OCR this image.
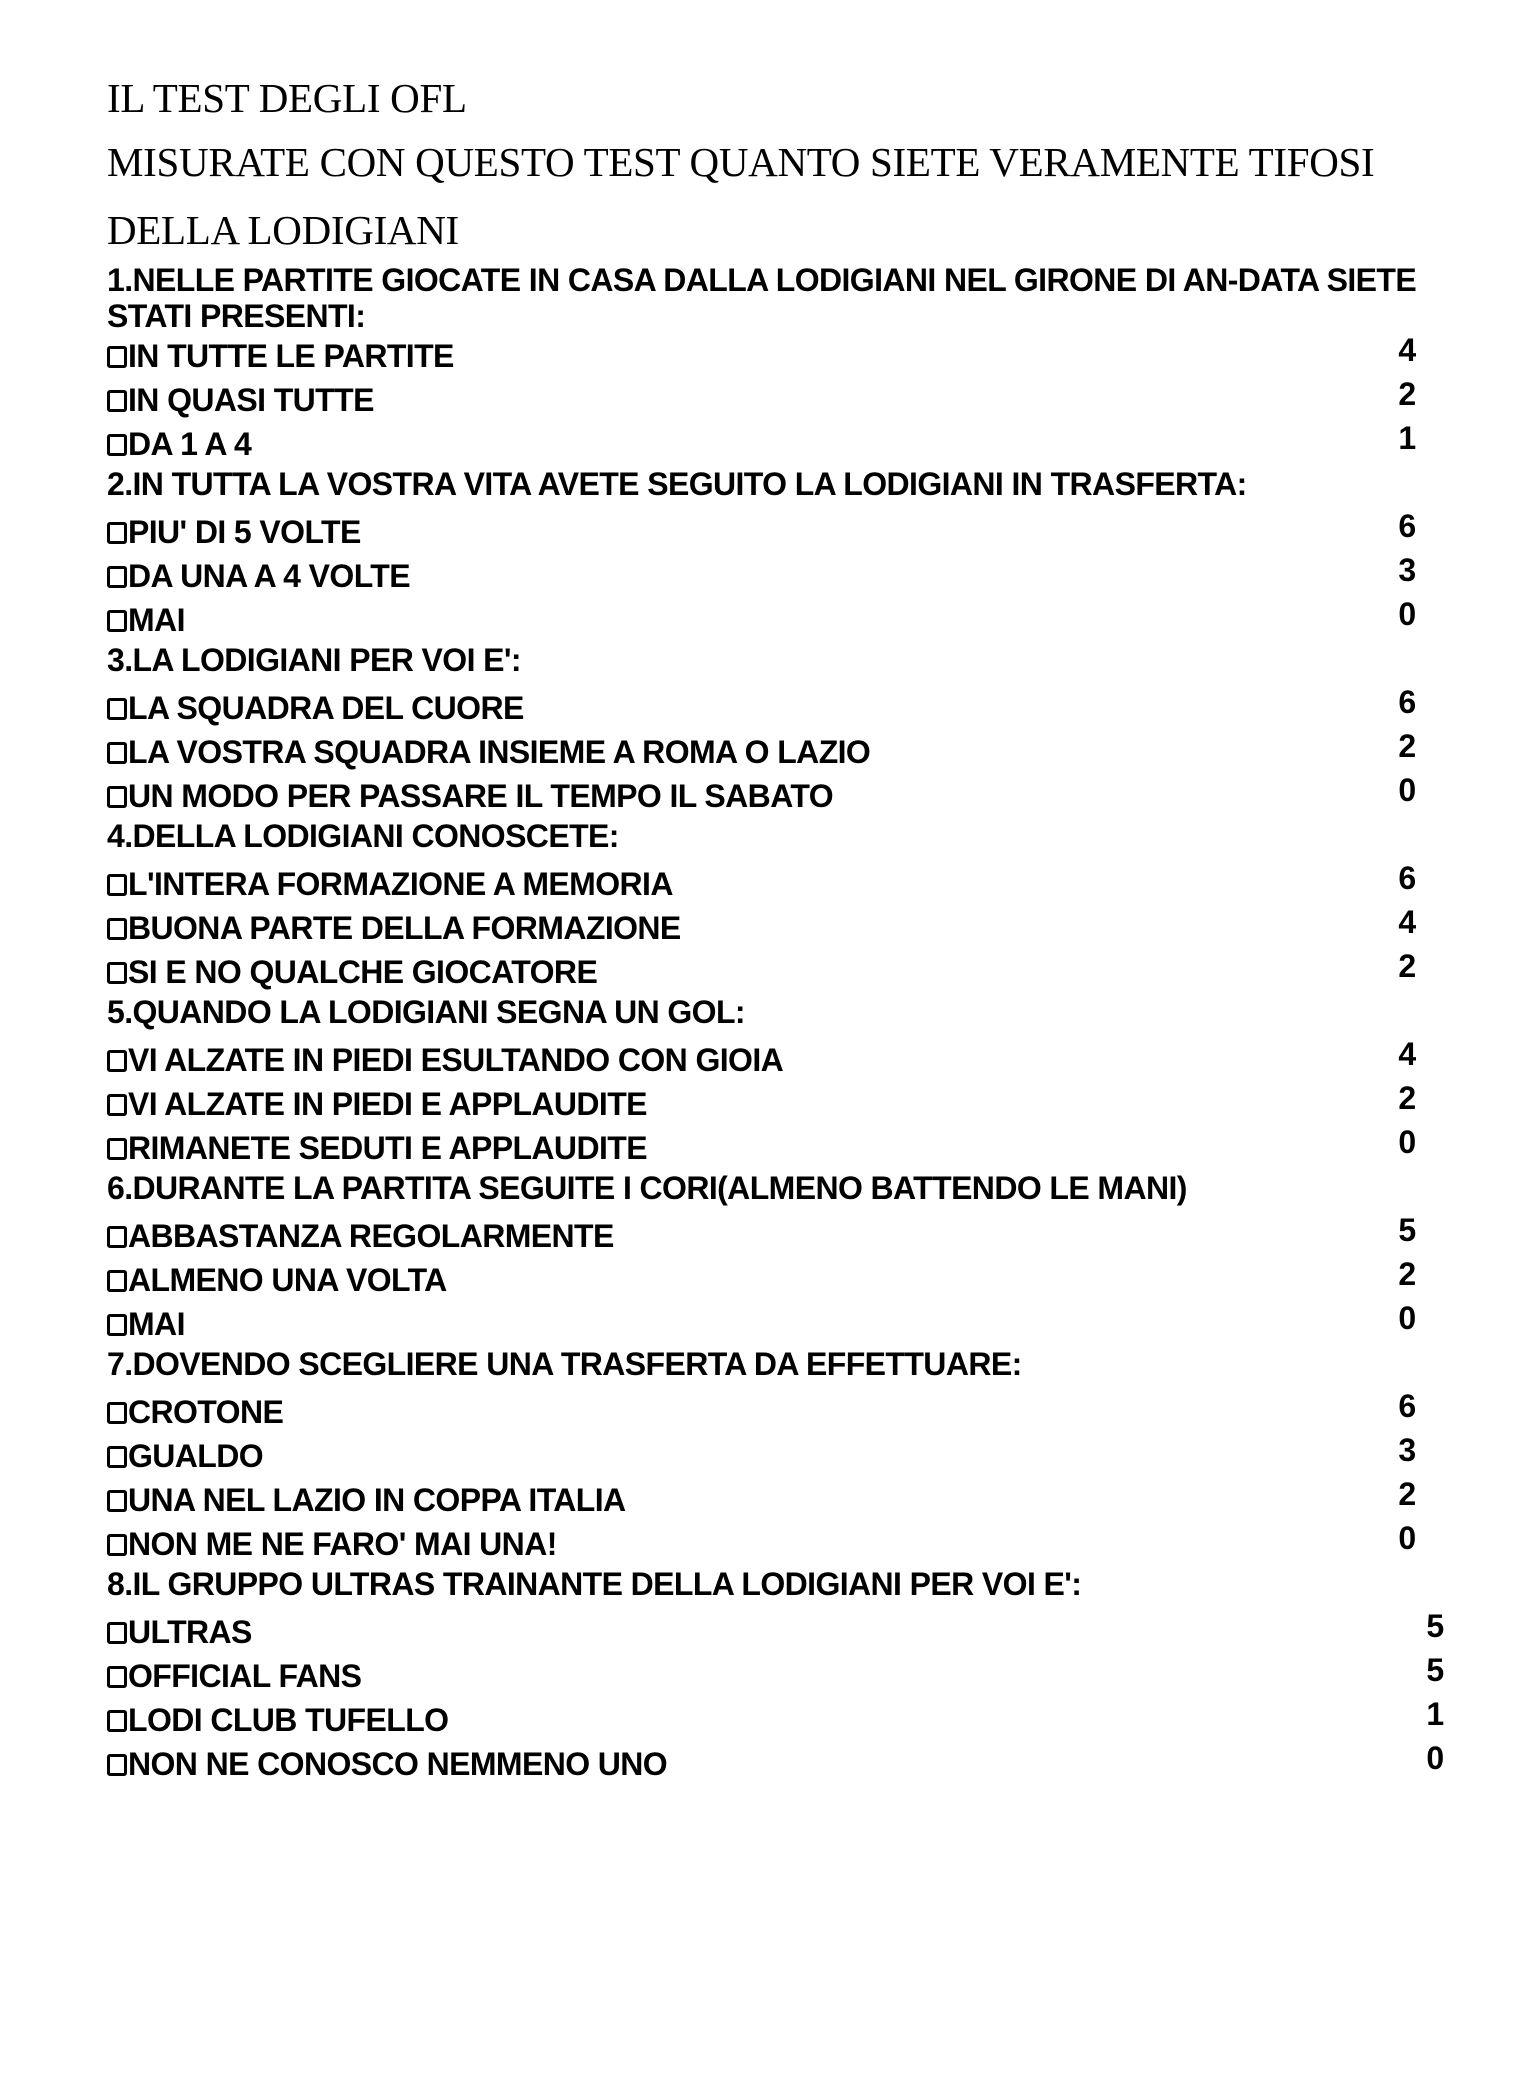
IL TEST DEGLI OFL
MISURATE CON QUESTO TEST QUANTO SIETE VERAMENTE TIFOSI
DELLA LODIGIANI
1.NELLE PARTITE GIOCATE IN CASA DALLA LODIGIANI NEL GIRONE DI AN-DATA SIETE STATI PRESENTI:
IN TUTTE LE PARTITE	4
IN QUASI TUTTE	2
DA 1 A 4	1
2.IN TUTTA LA VOSTRA VITA AVETE SEGUITO LA LODIGIANI IN TRASFERTA:
PIU' DI 5 VOLTE	6
DA UNA A 4 VOLTE	3
MAI	0
3.LA LODIGIANI PER VOI E':
LA SQUADRA DEL CUORE	6
LA VOSTRA SQUADRA INSIEME A ROMA O LAZIO	2
UN MODO PER PASSARE IL TEMPO IL SABATO	0
4.DELLA LODIGIANI CONOSCETE:
L'INTERA FORMAZIONE A MEMORIA	6
BUONA PARTE DELLA FORMAZIONE	4
SI E NO QUALCHE GIOCATORE	2
5.QUANDO LA LODIGIANI SEGNA UN GOL:
VI ALZATE IN PIEDI ESULTANDO CON GIOIA	4
VI ALZATE IN PIEDI E APPLAUDITE	2
RIMANETE SEDUTI E APPLAUDITE	0
6.DURANTE LA PARTITA SEGUITE I CORI(ALMENO BATTENDO LE MANI)
ABBASTANZA REGOLARMENTE	5
ALMENO UNA VOLTA	2
MAI	0
7.DOVENDO SCEGLIERE UNA TRASFERTA DA EFFETTUARE:
CROTONE	6
GUALDO	3
UNA NEL LAZIO IN COPPA ITALIA	2
NON ME NE FARO' MAI UNA!	0
8.IL GRUPPO ULTRAS TRAINANTE DELLA LODIGIANI PER VOI E':
ULTRAS	5
OFFICIAL FANS	5
LODI CLUB TUFELLO	1
NON NE CONOSCO NEMMENO UNO	0
